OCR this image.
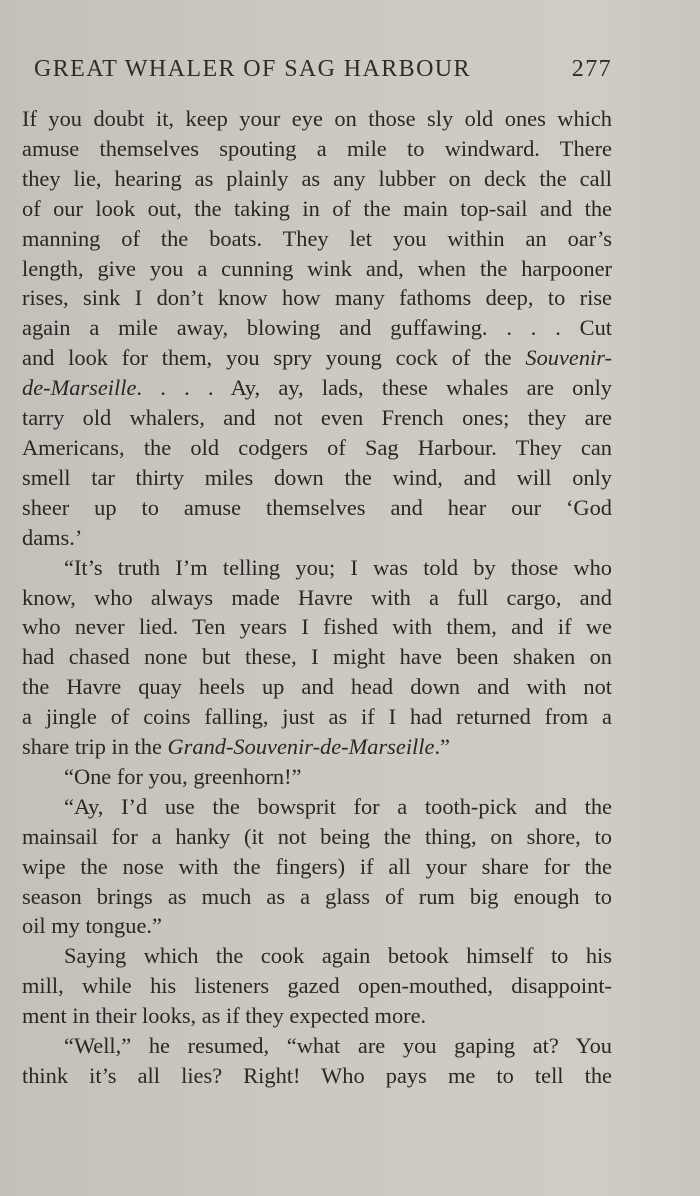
GREAT WHALER OF SAG HARBOUR	277
If you doubt it, keep your eye on those sly old ones which
amuse themselves spouting a mile to windward. There
they lie, hearing as plainly as any lubber on deck the call
of our look out, the taking in of the main top-sail and the
manning of the boats. They let you within an oar’s
length, give you a cunning wink and, when the harpooner
rises, sink I don’t know how many fathoms deep, to rise
again a mile away, blowing and guffawing. . . . Cut
and look for them, you spry young cock of the Souvenir-
de-Marseille. . . . Ay, ay, lads, these whales are only
tarry old whalers, and not even French ones; they are
Americans, the old codgers of Sag Harbour. They can
smell tar thirty miles down the wind, and will only
sheer up to amuse themselves and hear our ‘God
dams.’
“It’s truth I’m telling you; I was told by those who
know, who always made Havre with a full cargo, and
who never lied. Ten years I fished with them, and if we
had chased none but these, I might have been shaken on
the Havre quay heels up and head down and with not
a jingle of coins falling, just as if I had returned from a
share trip in the Grand-Souvenir-de-Marseille.”
“One for you, greenhorn!”
“Ay, I’d use the bowsprit for a tooth-pick and the
mainsail for a hanky (it not being the thing, on shore, to
wipe the nose with the fingers) if all your share for the
season brings as much as a glass of rum big enough to
oil my tongue.”
Saying which the cook again betook himself to his
mill, while his listeners gazed open-mouthed, disappoint-
ment in their looks, as if they expected more.
“Well,” he resumed, “what are you gaping at? You
think it’s all lies? Right! Who pays me to tell the
